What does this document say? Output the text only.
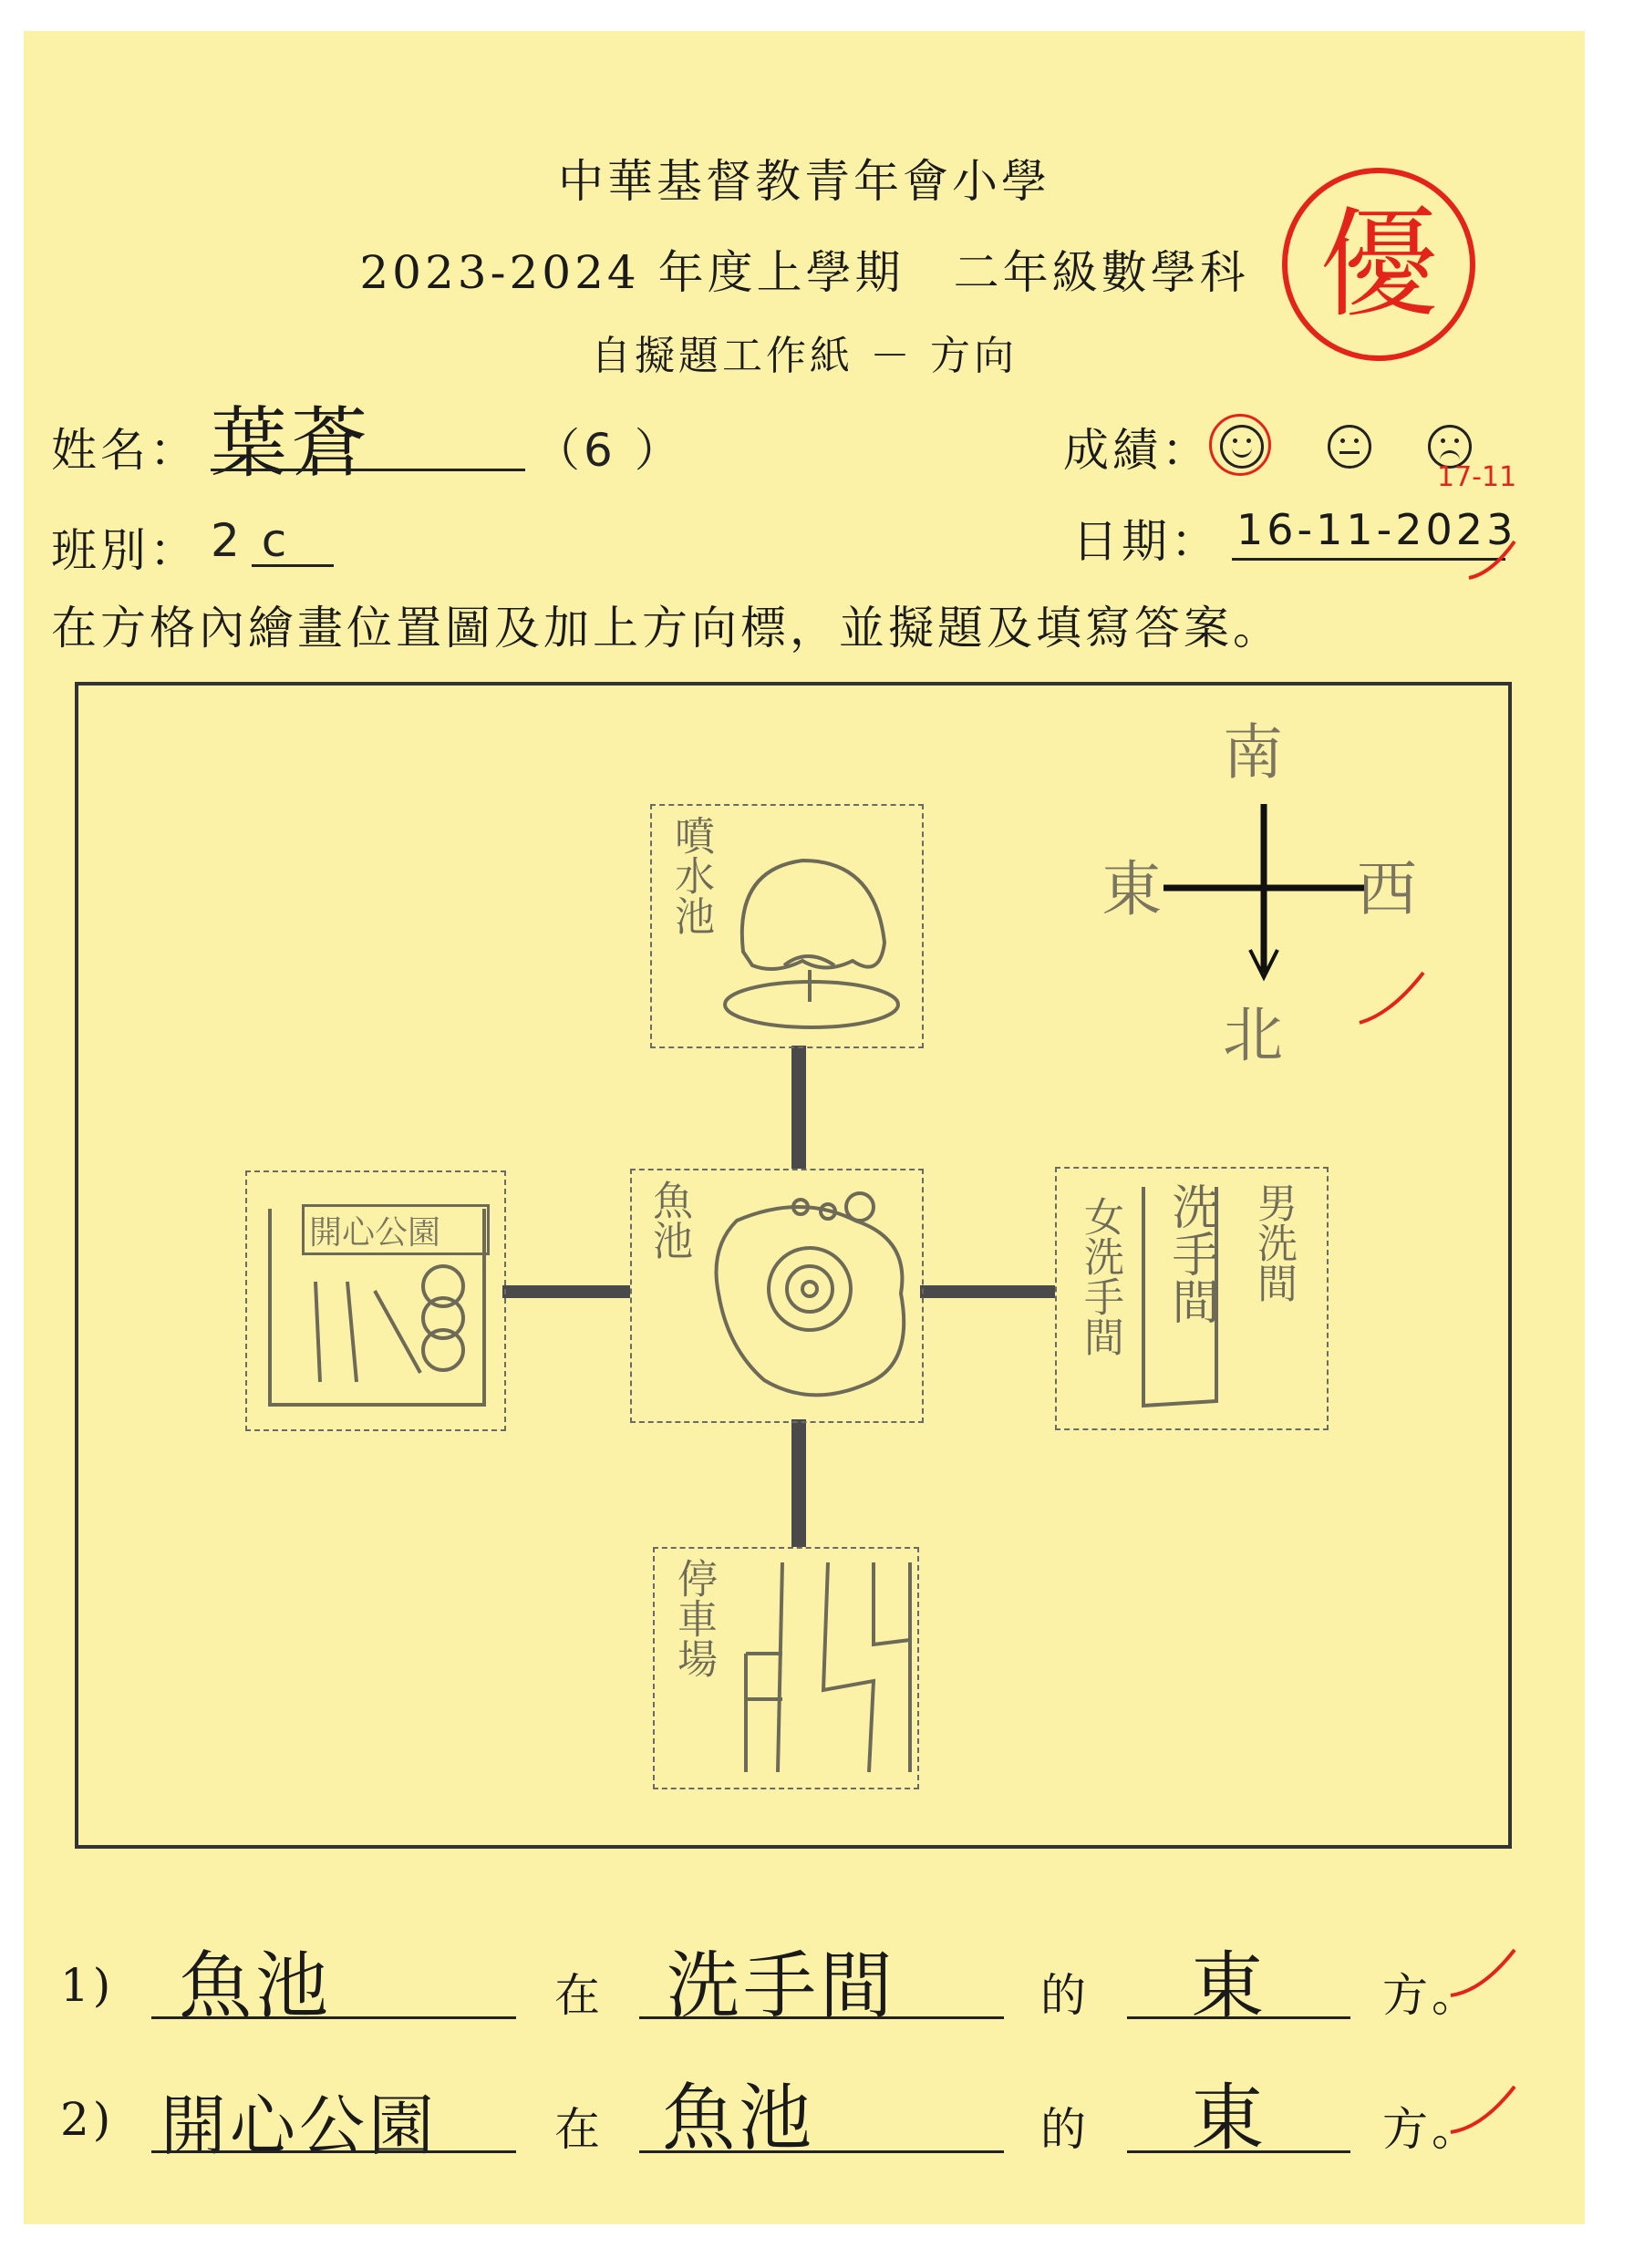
中華基督教青年會小學
2023-2024 年度上學期　二年級數學科
自擬題工作紙 － 方向
優
姓名： 葉蒼	（6 ）	成績：
17-11
班別： 2 c	日期： 16-11-2023
在方格內繪畫位置圖及加上方向標，並擬題及填寫答案。
南
東	西
北
噴水池
魚池
開心公園	男洗間
洗手間
女洗手間
停車場
1) 魚池	在 洗手間	的 東	方。
2) 開心公園	在 魚池	的 東	方。
